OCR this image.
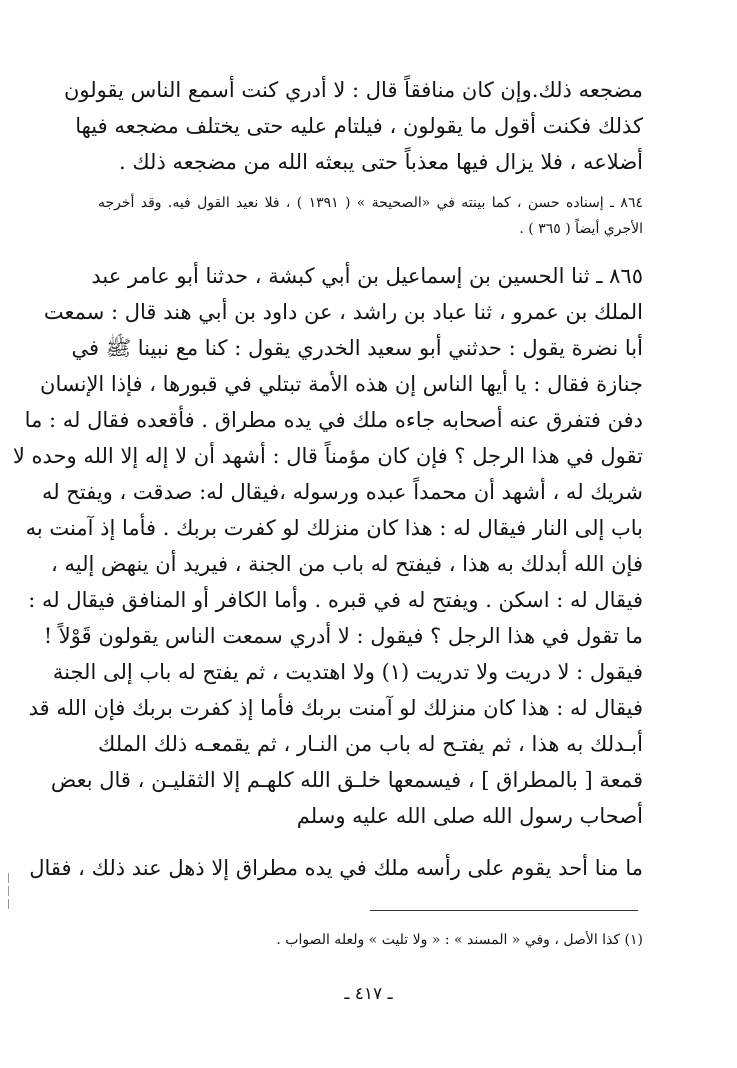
مضجعه ذلك.وإن كان منافقاً قال : لا أدري كنت أسمع الناس يقولون
كذلك فكنت أقول ما يقولون ، فيلتام عليه حتى يختلف مضجعه فيها
أضلاعه ، فلا يزال فيها معذباً حتى يبعثه الله من مضجعه ذلك .
٨٦٤ ـ إسناده حسن ، كما بينته في «الصحيحة » ( ١٣٩١ ) ، فلا نعيد القول فيه. وقد أخرجه
الأجري أيضاً ( ٣٦٥ ) .
٨٦٥ ـ ثنا الحسين بن إسماعيل بن أبي كبشة ، حدثنا أبو عامر عبد
الملك بن عمرو ، ثنا عباد بن راشد ، عن داود بن أبي هند قال : سمعت
أبا نضرة يقول : حدثني أبو سعيد الخدري يقول : كنا مع نبينا ﷺ في
جنازة فقال : يا أيها الناس إن هذه الأمة تبتلي في قبورها ، فإذا الإنسان
دفن فتفرق عنه أصحابه جاءه ملك في يده مطراق . فأقعده فقال له : ما
تقول في هذا الرجل ؟ فإن كان مؤمناً قال : أشهد أن لا إله إلا الله وحده لا
شريك له ، أشهد أن محمداً عبده ورسوله ،فيقال له: صدقت ، ويفتح له
باب إلى النار فيقال له : هذا كان منزلك لو كفرت بربك . فأما إذ آمنت به
فإن الله أبدلك به هذا ، فيفتح له باب من الجنة ، فيريد أن ينهض إليه ،
فيقال له : اسكن . ويفتح له في قبره . وأما الكافر أو المنافق فيقال له :
ما تقول في هذا الرجل ؟ فيقول : لا أدري سمعت الناس يقولون قَوْلاً !
فيقول : لا دريت ولا تدريت (١) ولا اهتديت ، ثم يفتح له باب إلى الجنة
فيقال له : هذا كان منزلك لو آمنت بربك فأما إذ كفرت بربك فإن الله قد
أبـدلك به هذا ، ثم يفتـح له باب من النـار ، ثم يقمعـه ذلك الملك
قمعة [ بالمطراق ] ، فيسمعها خلـق الله كلهـم إلا الثقليـن ، قال بعض
أصحاب رسول الله صلى الله عليه وسلم
ما منا أحد يقوم على رأسه ملك في يده مطراق إلا ذهل عند ذلك ، فقال
(١) كذا الأصل ، وفي « المسند » : « ولا تليت » ولعله الصواب .
ـ ٤١٧ ـ
